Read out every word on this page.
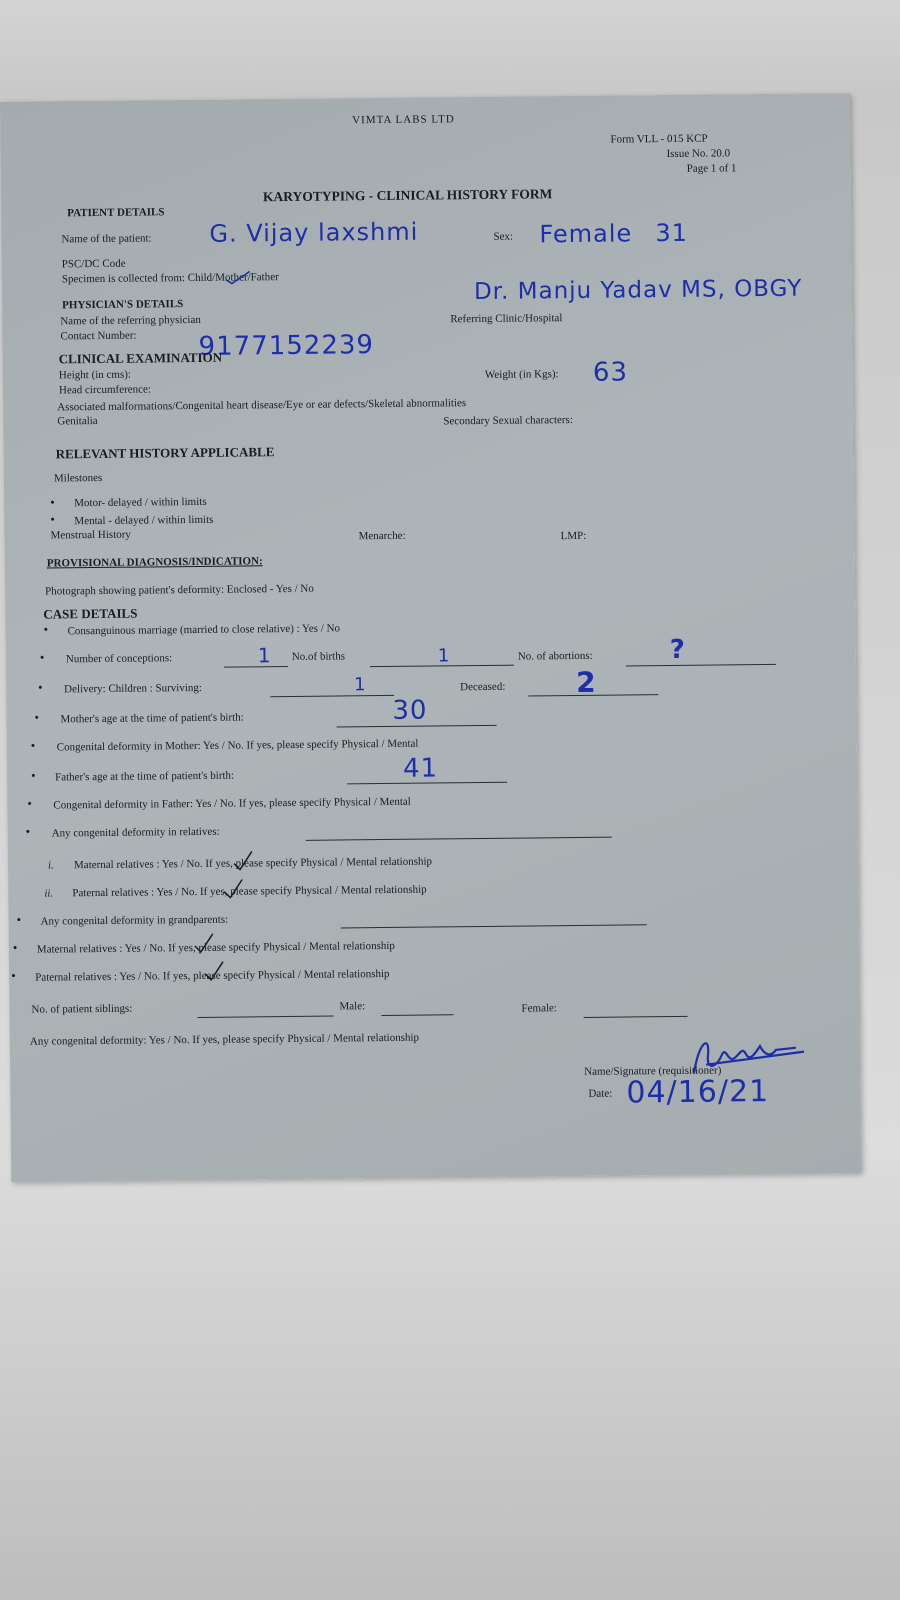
VIMTA LABS LTD
Form VLL - 015 KCP
Issue No. 20.0
Page 1 of 1
KARYOTYPING - CLINICAL HISTORY FORM
PATIENT DETAILS
Name of the patient: G. Vijay laxshmi	Sex: Female 31
PSC/DC Code
Specimen is collected from: Child/Mother/Father
PHYSICIAN'S DETAILS
Name of the referring physician
Dr. Manju Yadav MS, OBGY
Referring Clinic/Hospital
Contact Number: 9177152239
CLINICAL EXAMINATION
Height (in cms):	Weight (in Kgs): 63
Head circumference:
Associated malformations/Congenital heart disease/Eye or ear defects/Skeletal abnormalities
Genitalia	Secondary Sexual characters:
RELEVANT HISTORY APPLICABLE
Milestones
• Motor- delayed / within limits
• Mental - delayed / within limits
Menstrual History	Menarche:	LMP:
PROVISIONAL DIAGNOSIS/INDICATION:
Photograph showing patient's deformity: Enclosed - Yes / No
CASE DETAILS
• Consanguinous marriage (married to close relative) : Yes / No
• Number of conceptions:	1 No.of births	1	No. of abortions:	?
• Delivery: Children : Surviving:	1	Deceased:	2
• Mother's age at the time of patient's birth:	30
• Congenital deformity in Mother: Yes / No. If yes, please specify Physical / Mental
• Father's age at the time of patient's birth:	41
• Congenital deformity in Father: Yes / No. If yes, please specify Physical / Mental
• Any congenital deformity in relatives:
i. Maternal relatives : Yes / No. If yes, please specify Physical / Mental relationship
ii. Paternal relatives : Yes / No. If yes, please specify Physical / Mental relationship
• Any congenital deformity in grandparents:
• Maternal relatives : Yes / No. If yes, please specify Physical / Mental relationship
• Paternal relatives : Yes / No. If yes, please specify Physical / Mental relationship
No. of patient siblings:	Male:	Female:
Any congenital deformity: Yes / No. If yes, please specify Physical / Mental relationship
Name/Signature (requisitioner)
Date: 04/16/21
